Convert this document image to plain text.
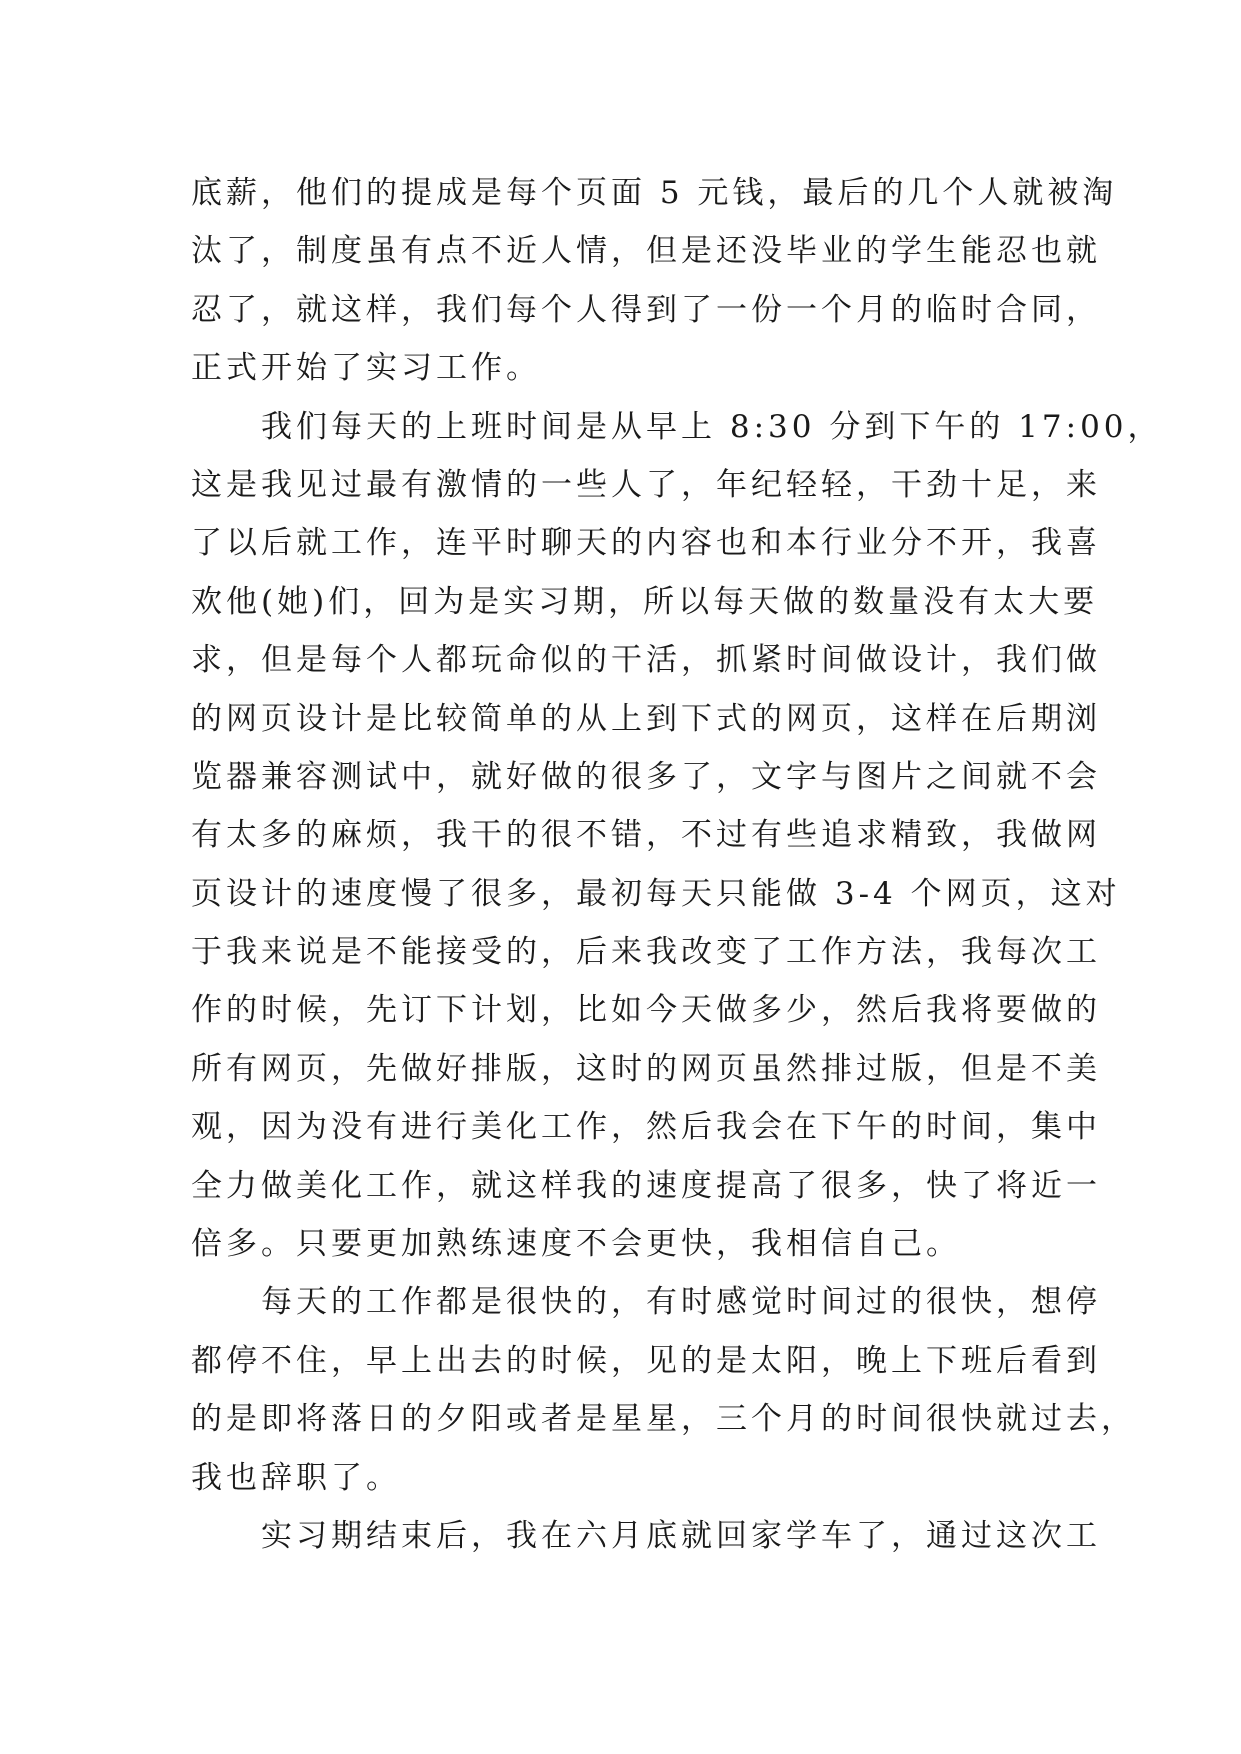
底薪，他们的提成是每个页面 5 元钱，最后的几个人就被淘
汰了，制度虽有点不近人情，但是还没毕业的学生能忍也就
忍了，就这样，我们每个人得到了一份一个月的临时合同，
正式开始了实习工作。
我们每天的上班时间是从早上 8:30 分到下午的 17:00，
这是我见过最有激情的一些人了，年纪轻轻，干劲十足，来
了以后就工作，连平时聊天的内容也和本行业分不开，我喜
欢他(她)们，回为是实习期，所以每天做的数量没有太大要
求，但是每个人都玩命似的干活，抓紧时间做设计，我们做
的网页设计是比较简单的从上到下式的网页，这样在后期浏
览器兼容测试中，就好做的很多了，文字与图片之间就不会
有太多的麻烦，我干的很不错，不过有些追求精致，我做网
页设计的速度慢了很多，最初每天只能做 3-4 个网页，这对
于我来说是不能接受的，后来我改变了工作方法，我每次工
作的时候，先订下计划，比如今天做多少，然后我将要做的
所有网页，先做好排版，这时的网页虽然排过版，但是不美
观，因为没有进行美化工作，然后我会在下午的时间，集中
全力做美化工作，就这样我的速度提高了很多，快了将近一
倍多。只要更加熟练速度不会更快，我相信自己。
每天的工作都是很快的，有时感觉时间过的很快，想停
都停不住，早上出去的时候，见的是太阳，晚上下班后看到
的是即将落日的夕阳或者是星星，三个月的时间很快就过去，
我也辞职了。
实习期结束后，我在六月底就回家学车了，通过这次工
